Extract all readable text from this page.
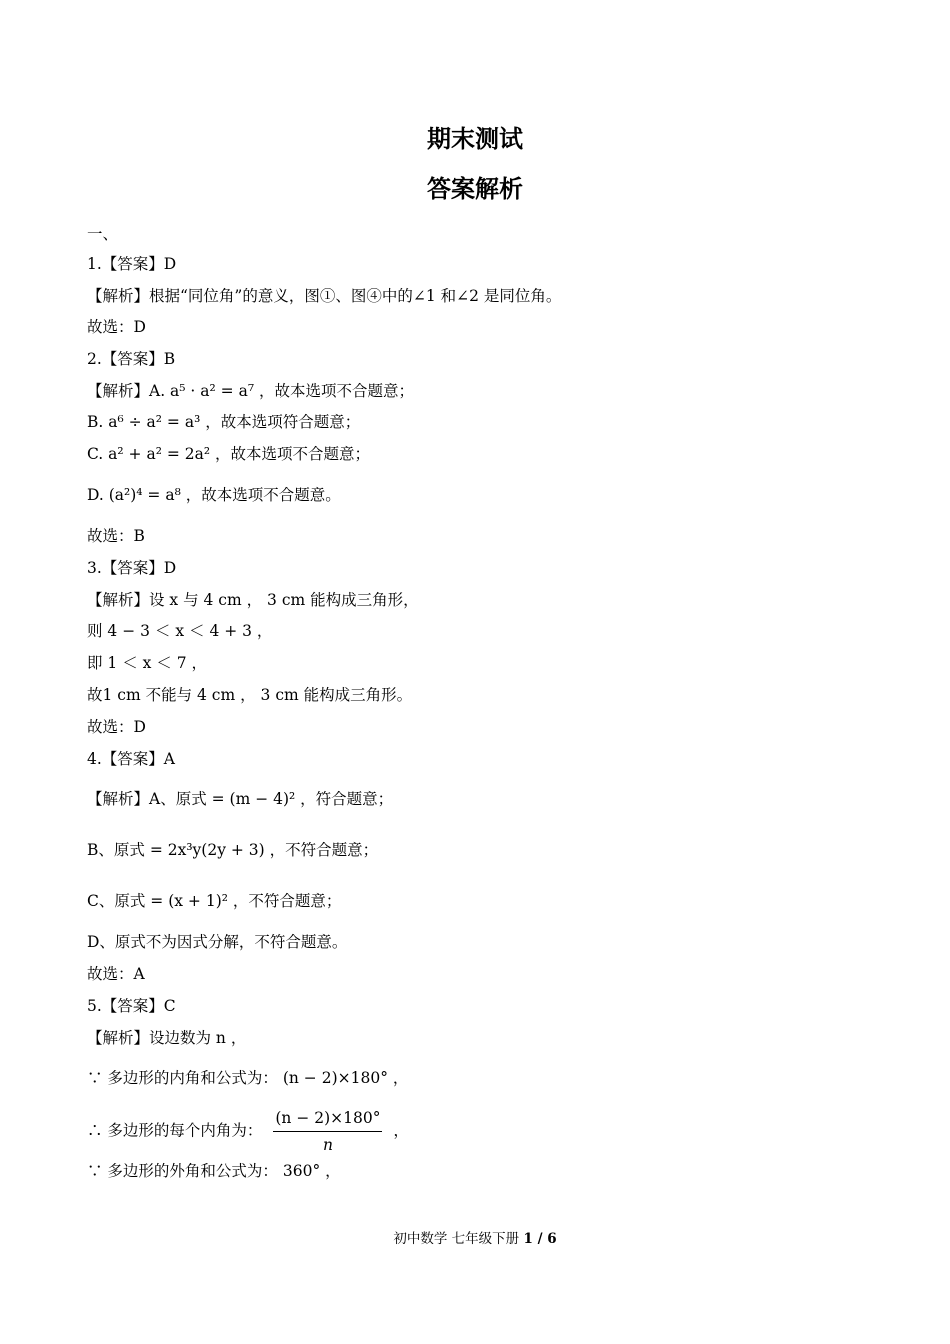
期末测试
答案解析
一、
1.【答案】D
【解析】根据“同位角”的意义，图①、图④中的∠1 和∠2 是同位角。
故选：D
2.【答案】B
【解析】A. a⁵ · a² = a⁷ ，故本选项不合题意；
B. a⁶ ÷ a² = a³ ，故本选项符合题意；
C. a² + a² = 2a² ，故本选项不合题意；
D. (a²)⁴ = a⁸ ，故本选项不合题意。
故选：B
3.【答案】D
【解析】设 x 与 4 cm ， 3 cm 能构成三角形，
则 4 − 3 ＜ x ＜ 4 + 3 ，
即 1 ＜ x ＜ 7 ，
故1 cm 不能与 4 cm ， 3 cm 能构成三角形。
故选：D
4.【答案】A
【解析】A、原式 = (m − 4)² ，符合题意；
B、原式 = 2x³y(2y + 3) ，不符合题意；
C、原式 = (x + 1)² ，不符合题意；
D、原式不为因式分解，不符合题意。
故选：A
5.【答案】C
【解析】设边数为 n ，
∵ 多边形的内角和公式为： (n − 2)×180° ，
∴ 多边形的每个内角为： $\frac{(n - 2)\times 180^\circ}{n}$ ，
∵ 多边形的外角和公式为： 360° ，
初中数学 七年级下册 1 / 6
